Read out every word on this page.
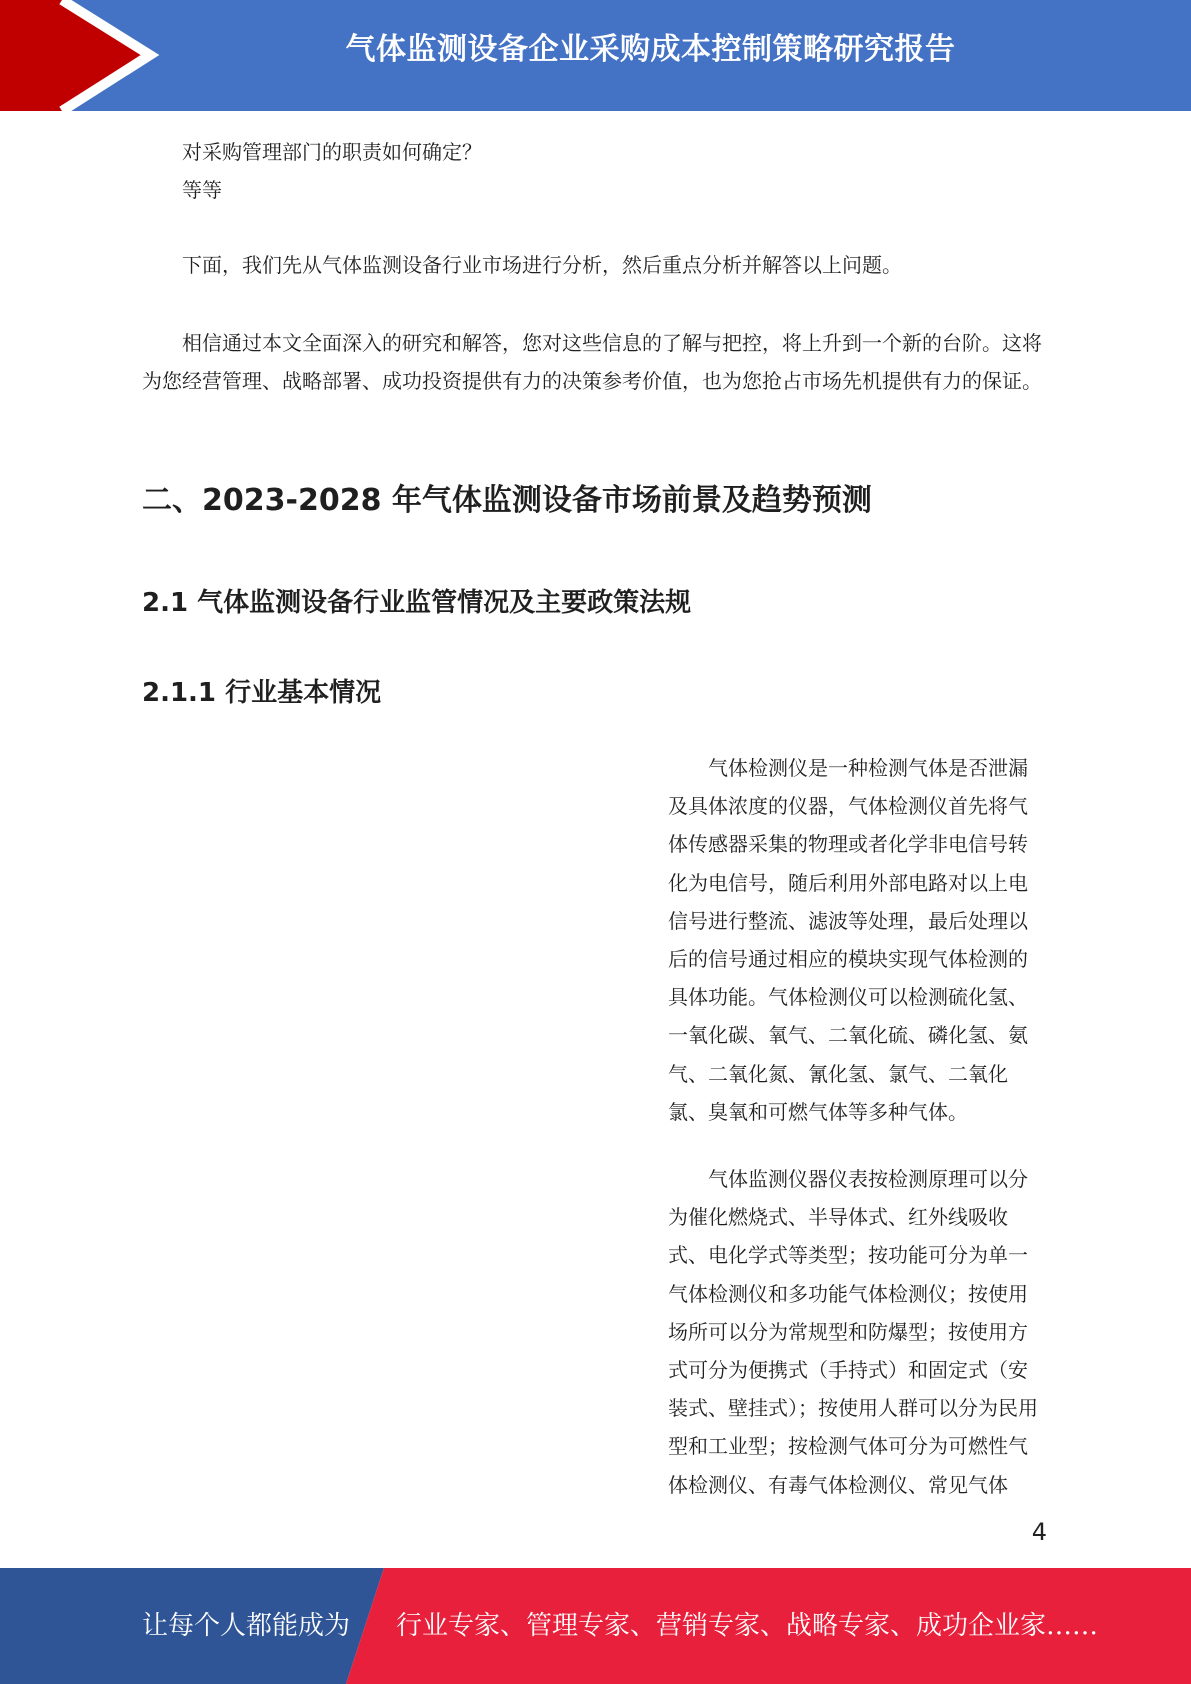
气体监测设备企业采购成本控制策略研究报告

对采购管理部门的职责如何确定？

等等

下面，我们先从气体监测设备行业市场进行分析，然后重点分析并解答以上问题。

相信通过本文全面深入的研究和解答，您对这些信息的了解与把控，将上升到一个新的台阶。这将为您经营管理、战略部署、成功投资提供有力的决策参考价值，也为您抢占市场先机提供有力的保证。

二、2023-2028 年气体监测设备市场前景及趋势预测
2.1 气体监测设备行业监管情况及主要政策法规
2.1.1 行业基本情况

气体检测仪是一种检测气体是否泄漏及具体浓度的仪器，气体检测仪首先将气体传感器采集的物理或者化学非电信号转化为电信号，随后利用外部电路对以上电信号进行整流、滤波等处理，最后处理以后的信号通过相应的模块实现气体检测的具体功能。气体检测仪可以检测硫化氢、一氧化碳、氧气、二氧化硫、磷化氢、氨气、二氧化氮、氰化氢、氯气、二氧化氯、臭氧和可燃气体等多种气体。

气体监测仪器仪表按检测原理可以分为催化燃烧式、半导体式、红外线吸收式、电化学式等类型；按功能可分为单一气体检测仪和多功能气体检测仪；按使用场所可以分为常规型和防爆型；按使用方式可分为便携式（手持式）和固定式（安装式、壁挂式）；按使用人群可以分为民用型和工业型；按检测气体可分为可燃性气体检测仪、有毒气体检测仪、常见气体

4
让每个人都能成为 行业专家、管理专家、营销专家、战略专家、成功企业家……
